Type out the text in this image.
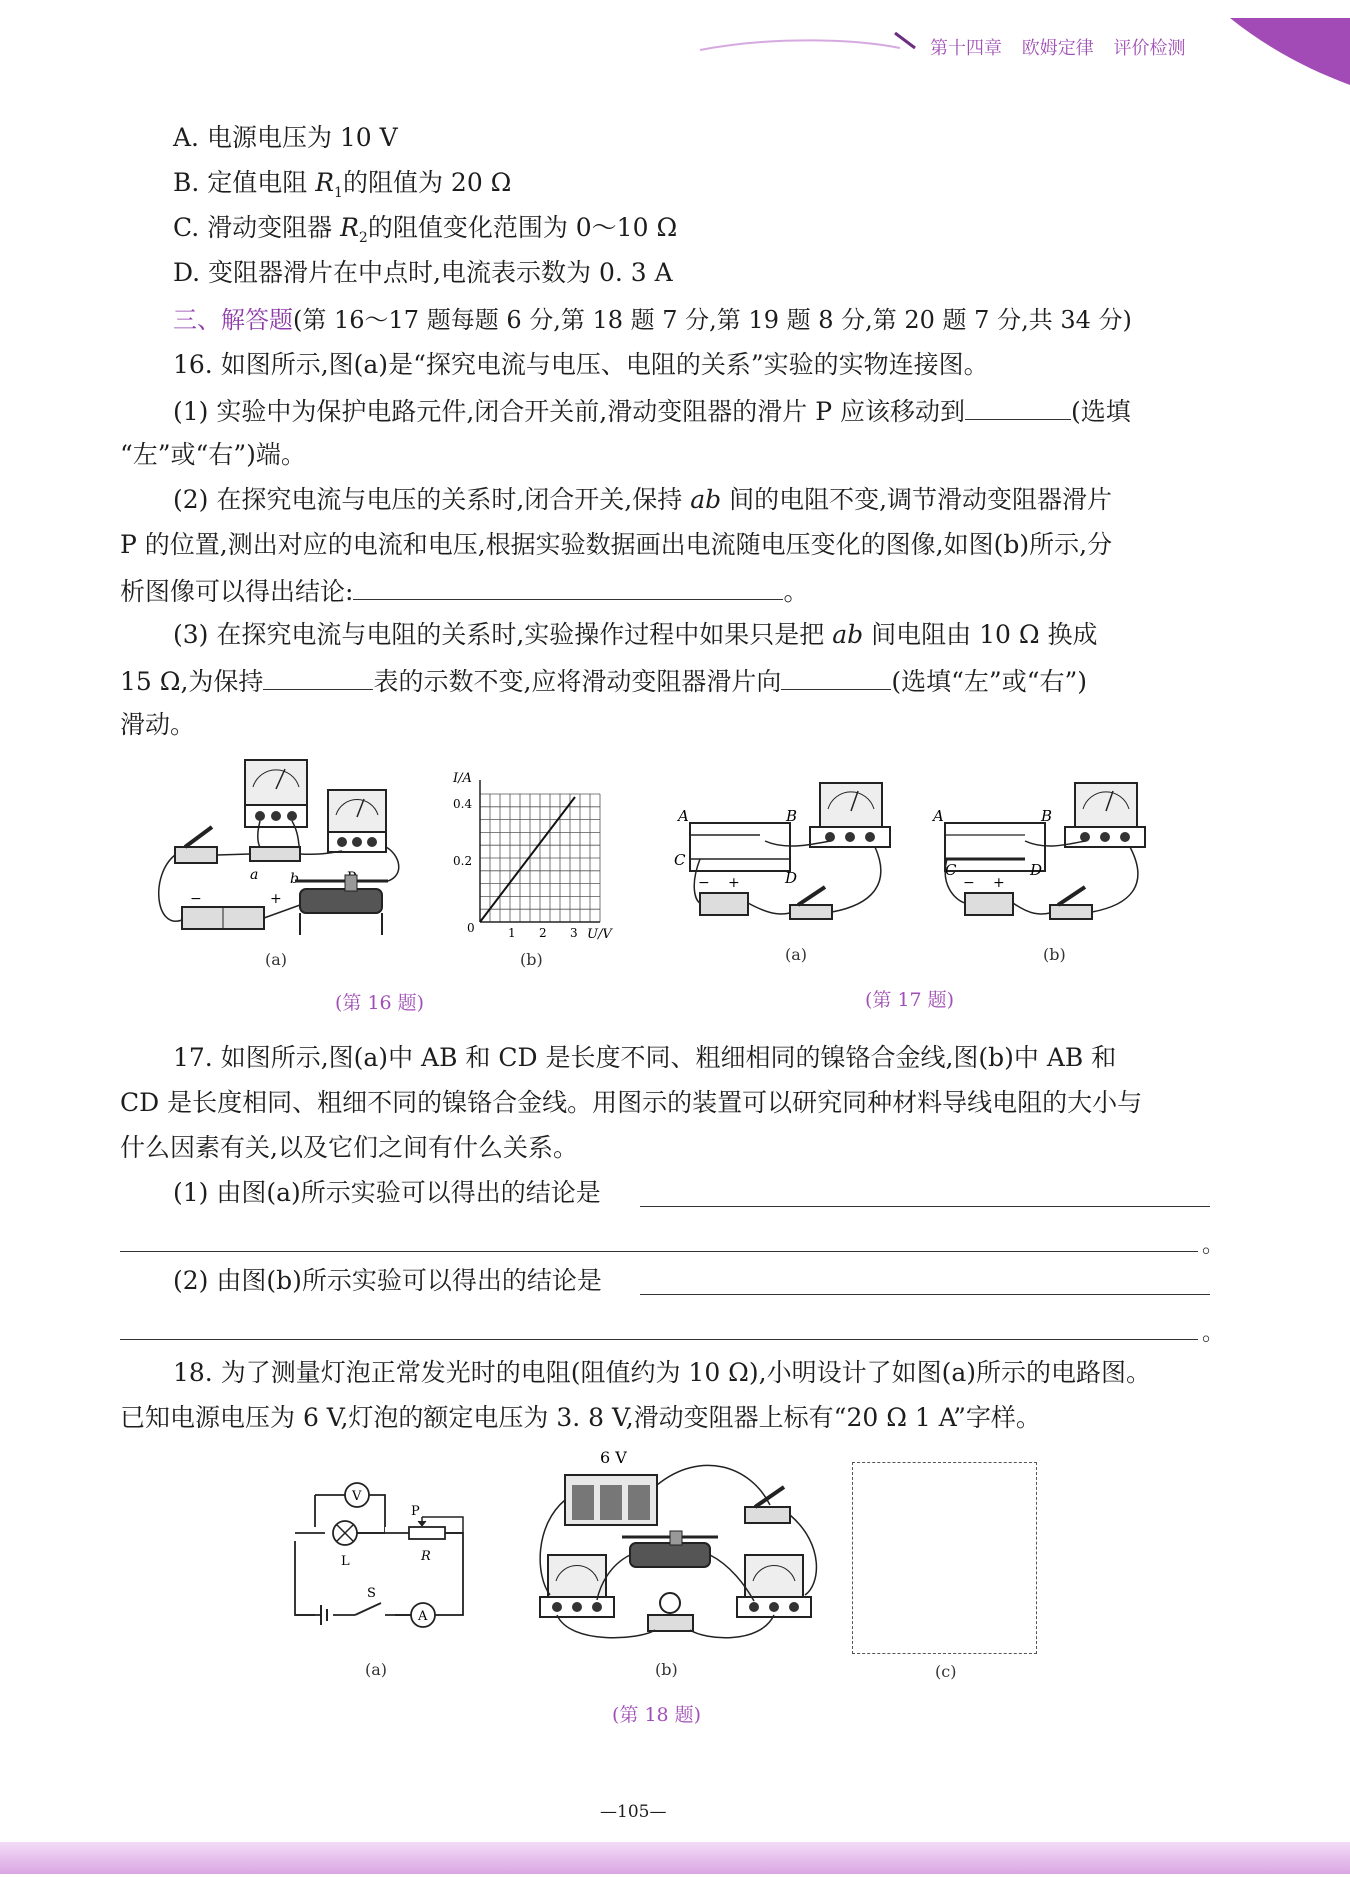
第十四章 欧姆定律 评价检测
A. 电源电压为 10 V
B. 定值电阻 $R_1$的阻值为 20 Ω
C. 滑动变阻器 $R_2$的阻值变化范围为 0～10 Ω
D. 变阻器滑片在中点时,电流表示数为 0. 3 A
三、解答题(第 16～17 题每题 6 分,第 18 题 7 分,第 19 题 8 分,第 20 题 7 分,共 34 分)
16. 如图所示,图(a)是“探究电流与电压、电阻的关系”实验的实物连接图。
(1) 实验中为保护电路元件,闭合开关前,滑动变阻器的滑片 P 应该移动到	(选填
“左”或“右”)端。
(2) 在探究电流与电压的关系时,闭合开关,保持 ab 间的电阻不变,调节滑动变阻器滑片
P 的位置,测出对应的电流和电压,根据实验数据画出电流随电压变化的图像,如图(b)所示,分
析图像可以得出结论:	。
(3) 在探究电流与电阻的关系时,实验操作过程中如果只是把 ab 间电阻由 10 Ω 换成
15 Ω,为保持	表的示数不变,应将滑动变阻器滑片向	(选填“左”或“右”)
滑动。
a b
−	+
(a)
I/A
U/V
0.4
0.2
0	1 2 3
(b)
(第 16 题)
A	B
C
D
− +
(a)
A	B
C	D
− +
(b)
(第 17 题)
17. 如图所示,图(a)中 AB 和 CD 是长度不同、粗细相同的镍铬合金线,图(b)中 AB 和
CD 是长度相同、粗细不同的镍铬合金线。用图示的装置可以研究同种材料导线电阻的大小与
什么因素有关,以及它们之间有什么关系。
(1) 由图(a)所示实验可以得出的结论是
。
(2) 由图(b)所示实验可以得出的结论是
。
18. 为了测量灯泡正常发光时的电阻(阻值约为 10 Ω),小明设计了如图(a)所示的电路图。
已知电源电压为 6 V,灯泡的额定电压为 3. 8 V,滑动变阻器上标有“20 Ω 1 A”字样。
V
P
R
L
S
A
(a)
6 V
(b)	(c)
(第 18 题)
—105—
